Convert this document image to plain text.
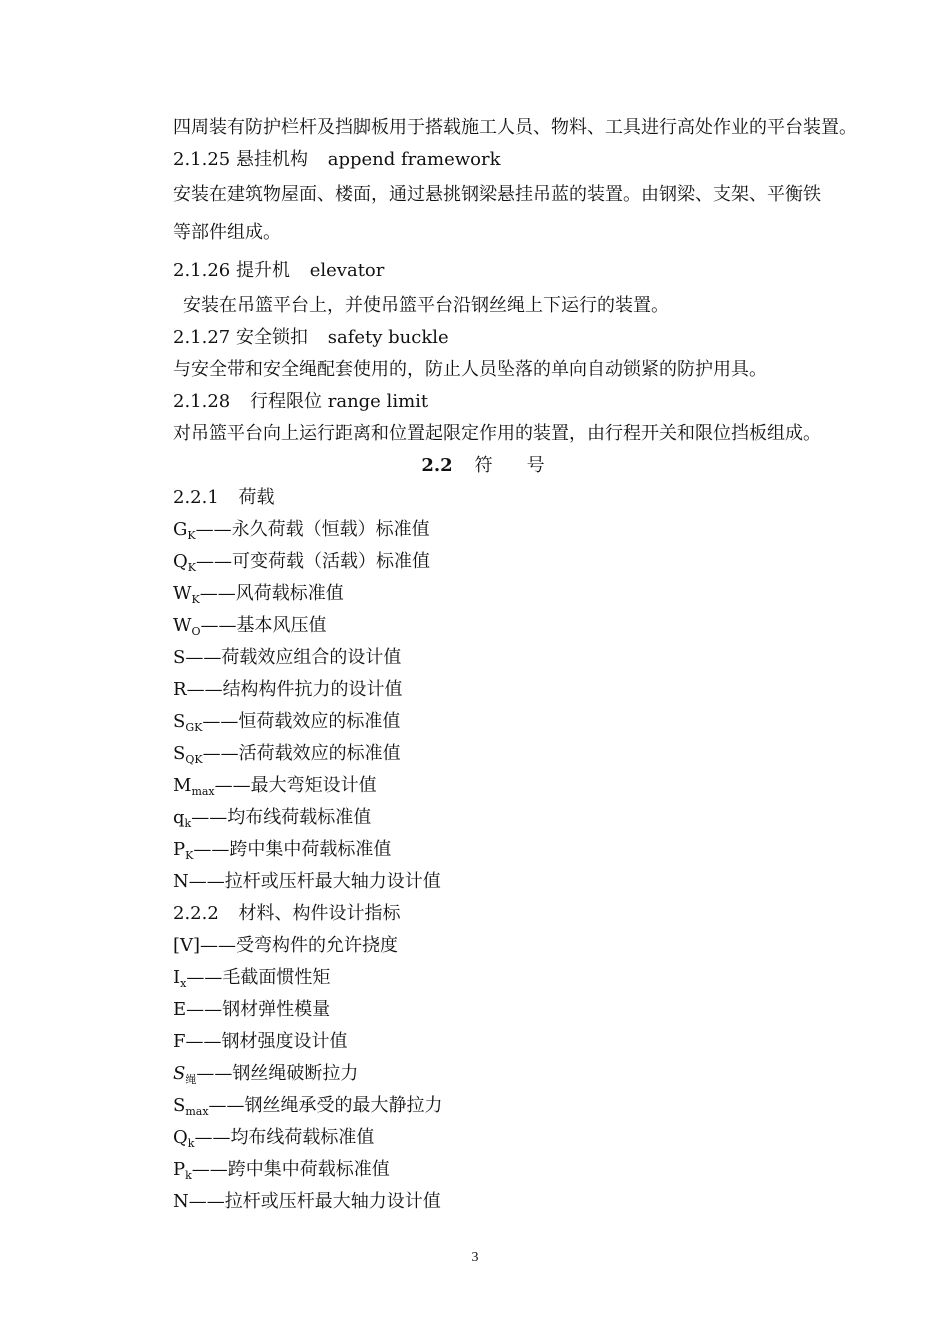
四周装有防护栏杆及挡脚板用于搭载施工人员、物料、工具进行高处作业的平台装置。
2.1.25 悬挂机构 append framework
安装在建筑物屋面、楼面，通过悬挑钢梁悬挂吊蓝的装置。由钢梁、支架、平衡铁
等部件组成。
2.1.26 提升机 elevator
安装在吊篮平台上，并使吊篮平台沿钢丝绳上下运行的装置。
2.1.27 安全锁扣 safety buckle
与安全带和安全绳配套使用的，防止人员坠落的单向自动锁紧的防护用具。
2.1.28 行程限位 range limit
对吊篮平台向上运行距离和位置起限定作用的装置，由行程开关和限位挡板组成。
2.2 符 号
2.2.1 荷载
$G_K——$永久荷载（恒载）标准值
$Q_K——$可变荷载（活载）标准值
$W_K——$风荷载标准值
$W_O——$基本风压值
S——荷载效应组合的设计值
R——结构构件抗力的设计值
$S_{GK}——$恒荷载效应的标准值
$S_{QK}——$活荷载效应的标准值
$M_{max}——$最大弯矩设计值
$q_k——$均布线荷载标准值
$P_K——$跨中集中荷载标准值
N——拉杆或压杆最大轴力设计值
2.2.2 材料、构件设计指标
[V]——受弯构件的允许挠度
$I_x——$毛截面惯性矩
E——钢材弹性模量
F——钢材强度设计值
$S_绳——$钢丝绳破断拉力
$S_{max}——$钢丝绳承受的最大静拉力
$Q_k——$均布线荷载标准值
$P_k——$跨中集中荷载标准值
N——拉杆或压杆最大轴力设计值
3
